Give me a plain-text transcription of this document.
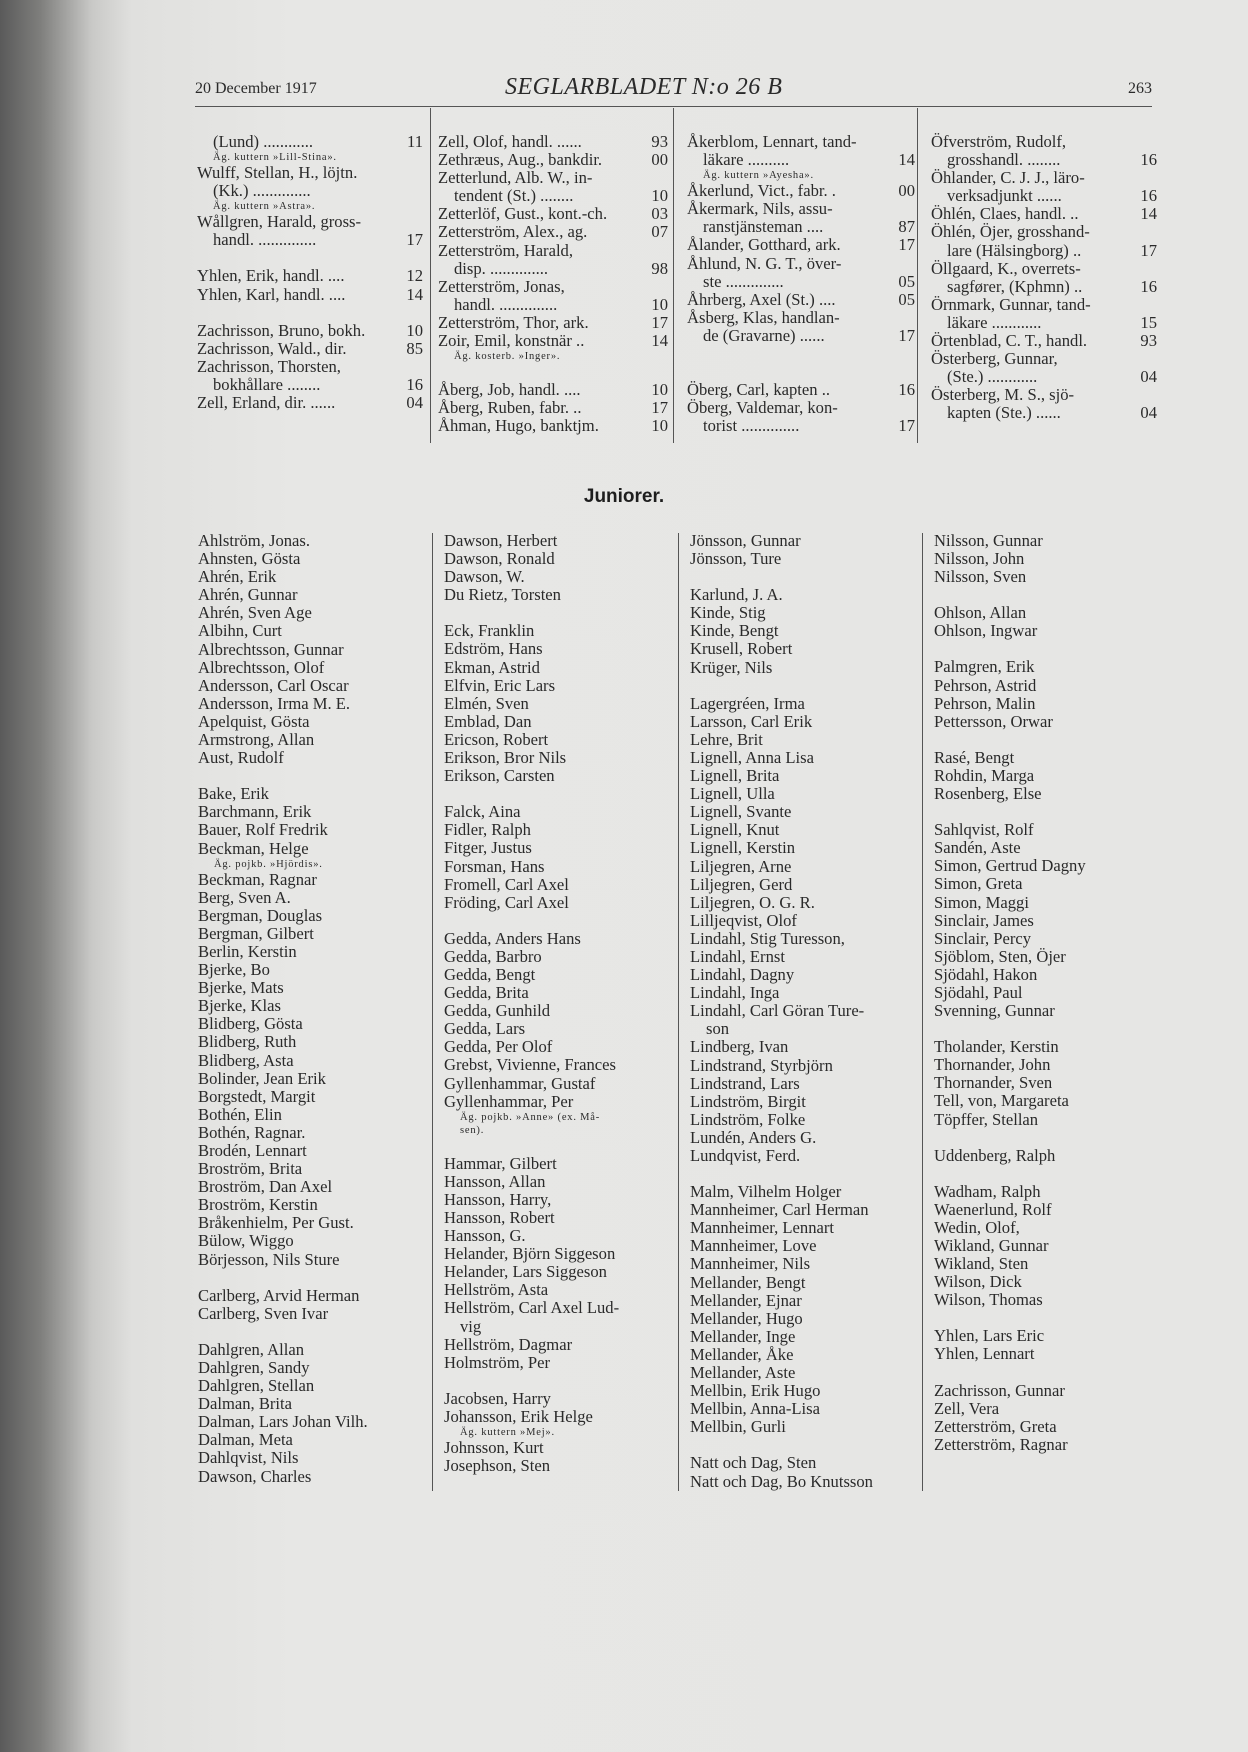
20 December 1917	SEGLARBLADET N:o 26 B	263
(Lund) ............	11
Äg. kuttern »Lill-Stina».
Wulff, Stellan, H., löjtn.
(Kk.) ..............
Äg. kuttern »Astra».
Wållgren, Harald, gross-
handl. ..............	17
Yhlen, Erik, handl. ....	12
Yhlen, Karl, handl. ....	14
Zachrisson, Bruno, bokh. 10
Zachrisson, Wald., dir.	85
Zachrisson, Thorsten,
bokhållare ........	16
Zell, Erland, dir. ......	04
Zell, Olof, handl. ......	93
Zethræus, Aug., bankdir.	00
Zetterlund, Alb. W., in-
tendent (St.) ........	10
Zetterlöf, Gust., kont.-ch.	03
Zetterström, Alex., ag.	07
Zetterström, Harald,
disp. ..............	98
Zetterström, Jonas,
handl. ..............	10
Zetterström, Thor, ark.	17
Zoir, Emil, konstnär ..	14
Äg. kosterb. »Inger».
Åberg, Job, handl. ....	10
Åberg, Ruben, fabr. ..	17
Åhman, Hugo, banktjm.	10
Åkerblom, Lennart, tand-
läkare ..........	14
Äg. kuttern »Ayesha».
Åkerlund, Vict., fabr. .	00
Åkermark, Nils, assu-
ranstjänsteman ....	87
Ålander, Gotthard, ark.	17
Åhlund, N. G. T., över-
ste ..............	05
Åhrberg, Axel (St.) ....	05
Åsberg, Klas, handlan-
de (Gravarne) ......	17
Öberg, Carl, kapten ..	16
Öberg, Valdemar, kon-
torist ..............	17
Öfverström, Rudolf,
grosshandl. ........	16
Öhlander, C. J. J., läro-
verksadjunkt ......	16
Öhlén, Claes, handl. ..	14
Öhlén, Öjer, grosshand-
lare (Hälsingborg) ..	17
Öllgaard, K., overrets-
sagfører, (Kphmn) ..	16
Örnmark, Gunnar, tand-
läkare ............	15
Örtenblad, C. T., handl.	93
Österberg, Gunnar,
(Ste.) ............	04
Österberg, M. S., sjö-
kapten (Ste.) ......	04
Juniorer.
Ahlström, Jonas.
Ahnsten, Gösta
Ahrén, Erik
Ahrén, Gunnar
Ahrén, Sven Age
Albihn, Curt
Albrechtsson, Gunnar
Albrechtsson, Olof
Andersson, Carl Oscar
Andersson, Irma M. E.
Apelquist, Gösta
Armstrong, Allan
Aust, Rudolf
Bake, Erik
Barchmann, Erik
Bauer, Rolf Fredrik
Beckman, Helge
Äg. pojkb. »Hjördis».
Beckman, Ragnar
Berg, Sven A.
Bergman, Douglas
Bergman, Gilbert
Berlin, Kerstin
Bjerke, Bo
Bjerke, Mats
Bjerke, Klas
Blidberg, Gösta
Blidberg, Ruth
Blidberg, Asta
Bolinder, Jean Erik
Borgstedt, Margit
Bothén, Elin
Bothén, Ragnar.
Brodén, Lennart
Broström, Brita
Broström, Dan Axel
Broström, Kerstin
Bråkenhielm, Per Gust.
Bülow, Wiggo
Börjesson, Nils Sture
Carlberg, Arvid Herman
Carlberg, Sven Ivar
Dahlgren, Allan
Dahlgren, Sandy
Dahlgren, Stellan
Dalman, Brita
Dalman, Lars Johan Vilh.
Dalman, Meta
Dahlqvist, Nils
Dawson, Charles
Dawson, Herbert
Dawson, Ronald
Dawson, W.
Du Rietz, Torsten
Eck, Franklin
Edström, Hans
Ekman, Astrid
Elfvin, Eric Lars
Elmén, Sven
Emblad, Dan
Ericson, Robert
Erikson, Bror Nils
Erikson, Carsten
Falck, Aina
Fidler, Ralph
Fitger, Justus
Forsman, Hans
Fromell, Carl Axel
Fröding, Carl Axel
Gedda, Anders Hans
Gedda, Barbro
Gedda, Bengt
Gedda, Brita
Gedda, Gunhild
Gedda, Lars
Gedda, Per Olof
Grebst, Vivienne, Frances
Gyllenhammar, Gustaf
Gyllenhammar, Per
Äg. pojkb. »Anne» (ex. Må-
sen).
Hammar, Gilbert
Hansson, Allan
Hansson, Harry,
Hansson, Robert
Hansson, G.
Helander, Björn Siggeson
Helander, Lars Siggeson
Hellström, Asta
Hellström, Carl Axel Lud-
vig
Hellström, Dagmar
Holmström, Per
Jacobsen, Harry
Johansson, Erik Helge
Äg. kuttern »Mej».
Johnsson, Kurt
Josephson, Sten
Jönsson, Gunnar
Jönsson, Ture
Karlund, J. A.
Kinde, Stig
Kinde, Bengt
Krusell, Robert
Krüger, Nils
Lagergréen, Irma
Larsson, Carl Erik
Lehre, Brit
Lignell, Anna Lisa
Lignell, Brita
Lignell, Ulla
Lignell, Svante
Lignell, Knut
Lignell, Kerstin
Liljegren, Arne
Liljegren, Gerd
Liljegren, O. G. R.
Lilljeqvist, Olof
Lindahl, Stig Turesson,
Lindahl, Ernst
Lindahl, Dagny
Lindahl, Inga
Lindahl, Carl Göran Ture-
son
Lindberg, Ivan
Lindstrand, Styrbjörn
Lindstrand, Lars
Lindström, Birgit
Lindström, Folke
Lundén, Anders G.
Lundqvist, Ferd.
Malm, Vilhelm Holger
Mannheimer, Carl Herman
Mannheimer, Lennart
Mannheimer, Love
Mannheimer, Nils
Mellander, Bengt
Mellander, Ejnar
Mellander, Hugo
Mellander, Inge
Mellander, Åke
Mellander, Aste
Mellbin, Erik Hugo
Mellbin, Anna-Lisa
Mellbin, Gurli
Natt och Dag, Sten
Natt och Dag, Bo Knutsson
Nilsson, Gunnar
Nilsson, John
Nilsson, Sven
Ohlson, Allan
Ohlson, Ingwar
Palmgren, Erik
Pehrson, Astrid
Pehrson, Malin
Pettersson, Orwar
Rasé, Bengt
Rohdin, Marga
Rosenberg, Else
Sahlqvist, Rolf
Sandén, Aste
Simon, Gertrud Dagny
Simon, Greta
Simon, Maggi
Sinclair, James
Sinclair, Percy
Sjöblom, Sten, Öjer
Sjödahl, Hakon
Sjödahl, Paul
Svenning, Gunnar
Tholander, Kerstin
Thornander, John
Thornander, Sven
Tell, von, Margareta
Töpffer, Stellan
Uddenberg, Ralph
Wadham, Ralph
Waenerlund, Rolf
Wedin, Olof,
Wikland, Gunnar
Wikland, Sten
Wilson, Dick
Wilson, Thomas
Yhlen, Lars Eric
Yhlen, Lennart
Zachrisson, Gunnar
Zell, Vera
Zetterström, Greta
Zetterström, Ragnar
